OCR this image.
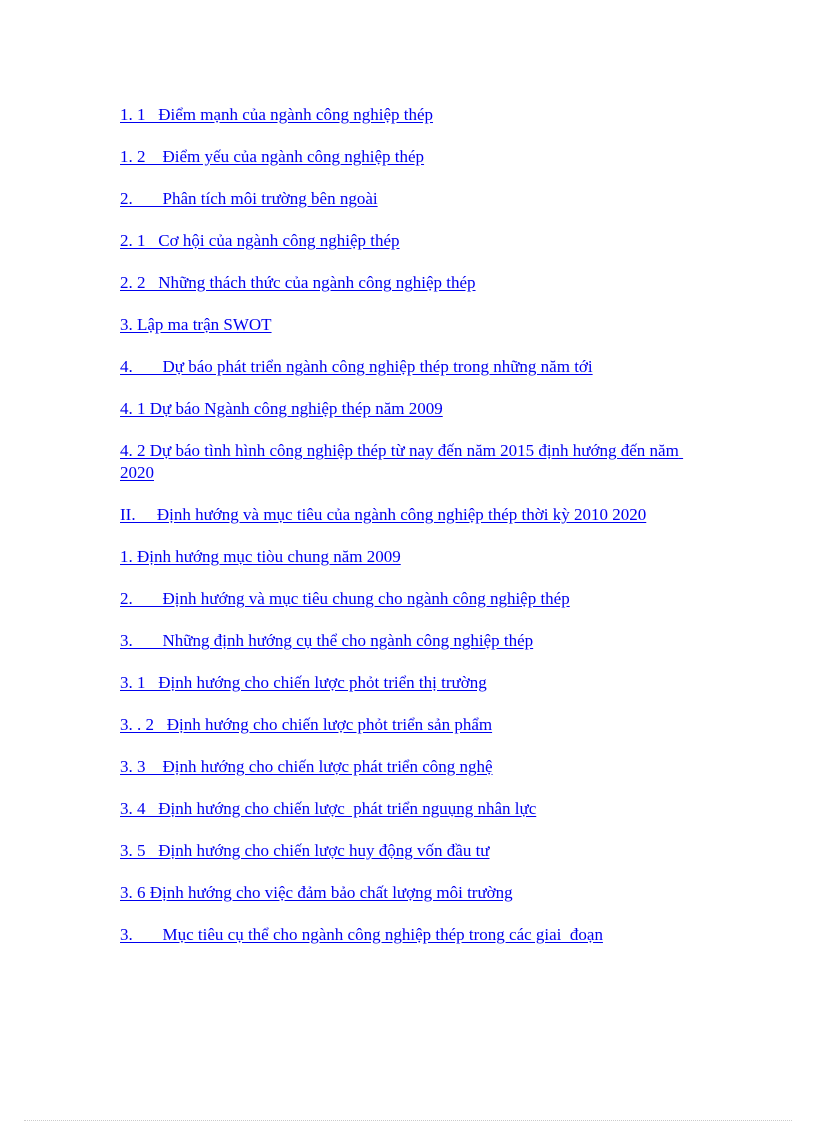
1. 1   Điểm mạnh của ngành công nghiệp thép
1. 2    Điểm yếu của ngành công nghiệp thép
2.       Phân tích môi trường bên ngoài
2. 1   Cơ hội của ngành công nghiệp thép
2. 2   Những thách thức của ngành công nghiệp thép
3. Lập ma trận SWOT
4.       Dự báo phát triển ngành công nghiệp thép trong những năm tới
4. 1 Dự báo Ngành công nghiệp thép năm 2009
4. 2 Dự báo tình hình công nghiệp thép từ nay đến năm 2015 định hướng đến năm 2020
II.     Định hướng và mục tiêu của ngành công nghiệp thép thời kỳ 2010 2020
1. Định hướng mục tiòu chung năm 2009
2.       Định hướng và mục tiêu chung cho ngành công nghiệp thép
3.       Những định hướng cụ thể cho ngành công nghiệp thép
3. 1   Định hướng cho chiến lược phỏt triển thị trường
3. . 2   Định hướng cho chiến lược phỏt triển sản phẩm
3. 3    Định hướng cho chiến lược phát triển công nghệ
3. 4   Định hướng cho chiến lược  phát triển nguụng nhân lực
3. 5   Định hướng cho chiến lược huy động vốn đầu tư
3. 6 Định hướng cho việc đảm bảo chất lượng môi trường
3.       Mục tiêu cụ thể cho ngành công nghiệp thép trong các giai  đoạn
